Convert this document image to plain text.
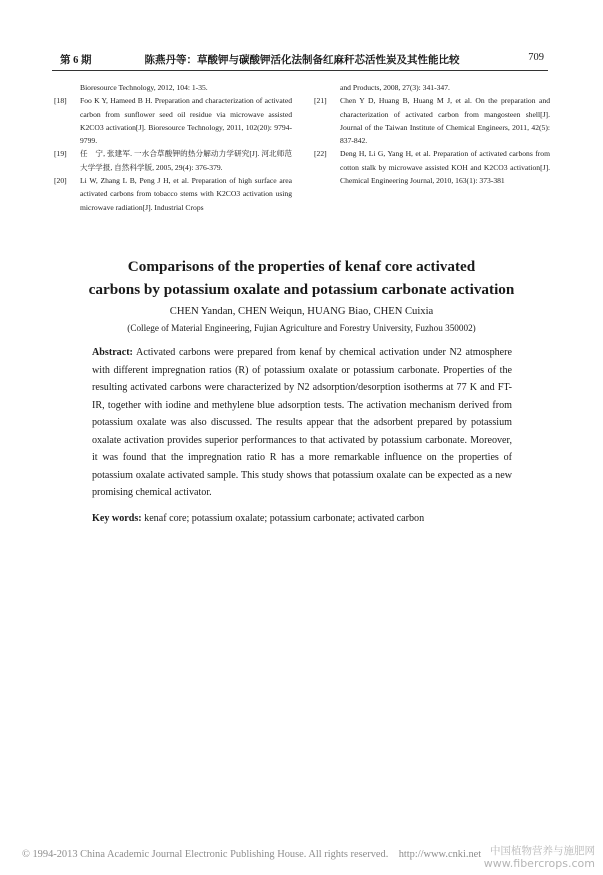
第 6 期	陈燕丹等：草酸钾与碳酸钾活化法制备红麻秆芯活性炭及其性能比较	709
Bioresource Technology, 2012, 104: 1-35.
[18] Foo K Y, Hameed B H. Preparation and characterization of activated carbon from sunflower seed oil residue via microwave assisted K2CO3 activation[J]. Bioresource Technology, 2011, 102(20): 9794-9799.
[19] 任　宁, 张建军. 一水合草酸钾的热分解动力学研究[J]. 河北师范大学学报, 自然科学版, 2005, 29(4): 376-379.
[20] Li W, Zhang L B, Peng J H, et al. Preparation of high surface area activated carbons from tobacco stems with K2CO3 activation using microwave radiation[J]. Industrial Crops
and Products, 2008, 27(3): 341-347.
[21] Chen Y D, Huang B, Huang M J, et al. On the preparation and characterization of activated carbon from mangosteen shell[J]. Journal of the Taiwan Institute of Chemical Engineers, 2011, 42(5): 837-842.
[22] Deng H, Li G, Yang H, et al. Preparation of activated carbons from cotton stalk by microwave assisted KOH and K2CO3 activation[J]. Chemical Engineering Journal, 2010, 163(1): 373-381
Comparisons of the properties of kenaf core activated
carbons by potassium oxalate and potassium carbonate activation
CHEN Yandan, CHEN Weiqun, HUANG Biao, CHEN Cuixia
(College of Material Engineering, Fujian Agriculture and Forestry University, Fuzhou 350002)
Abstract: Activated carbons were prepared from kenaf by chemical activation under N2 atmosphere with different impregnation ratios (R) of potassium oxalate or potassium carbonate. Properties of the resulting activated carbons were characterized by N2 adsorption/desorption isotherms at 77 K and FT-IR, together with iodine and methylene blue adsorption tests. The activation mechanism derived from potassium oxalate was also discussed. The results appear that the adsorbent prepared by potassium oxalate activation provides superior performances to that activated by potassium carbonate. Moreover, it was found that the impregnation ratio R has a more remarkable influence on the properties of potassium oxalate activated sample. This study shows that potassium oxalate can be expected as a new promising chemical activator.
Key words: kenaf core; potassium oxalate; potassium carbonate; activated carbon
© 1994-2013 China Academic Journal Electronic Publishing House. All rights reserved.　http://www.cnki.net 中国植物营养与施肥网
www.fibercrops.com
